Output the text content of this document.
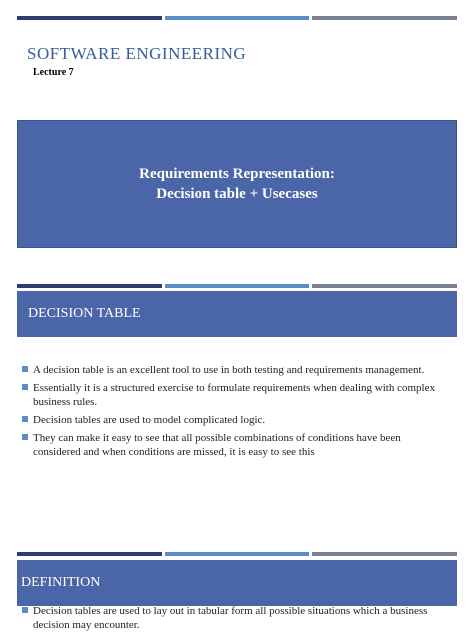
SOFTWARE ENGINEERING
Lecture 7
Requirements Representation:
Decision table + Usecases
DECISION TABLE
A decision table is an excellent tool to use in both testing and requirements management.
Essentially it is a structured exercise to formulate requirements when dealing with complex business rules.
Decision tables are used to model complicated logic.
They can make it easy to see that all possible combinations of conditions have been considered and when conditions are missed, it is easy to see this
DEFINITION
Decision tables are used to lay out in tabular form all possible situations which a business decision may encounter.
